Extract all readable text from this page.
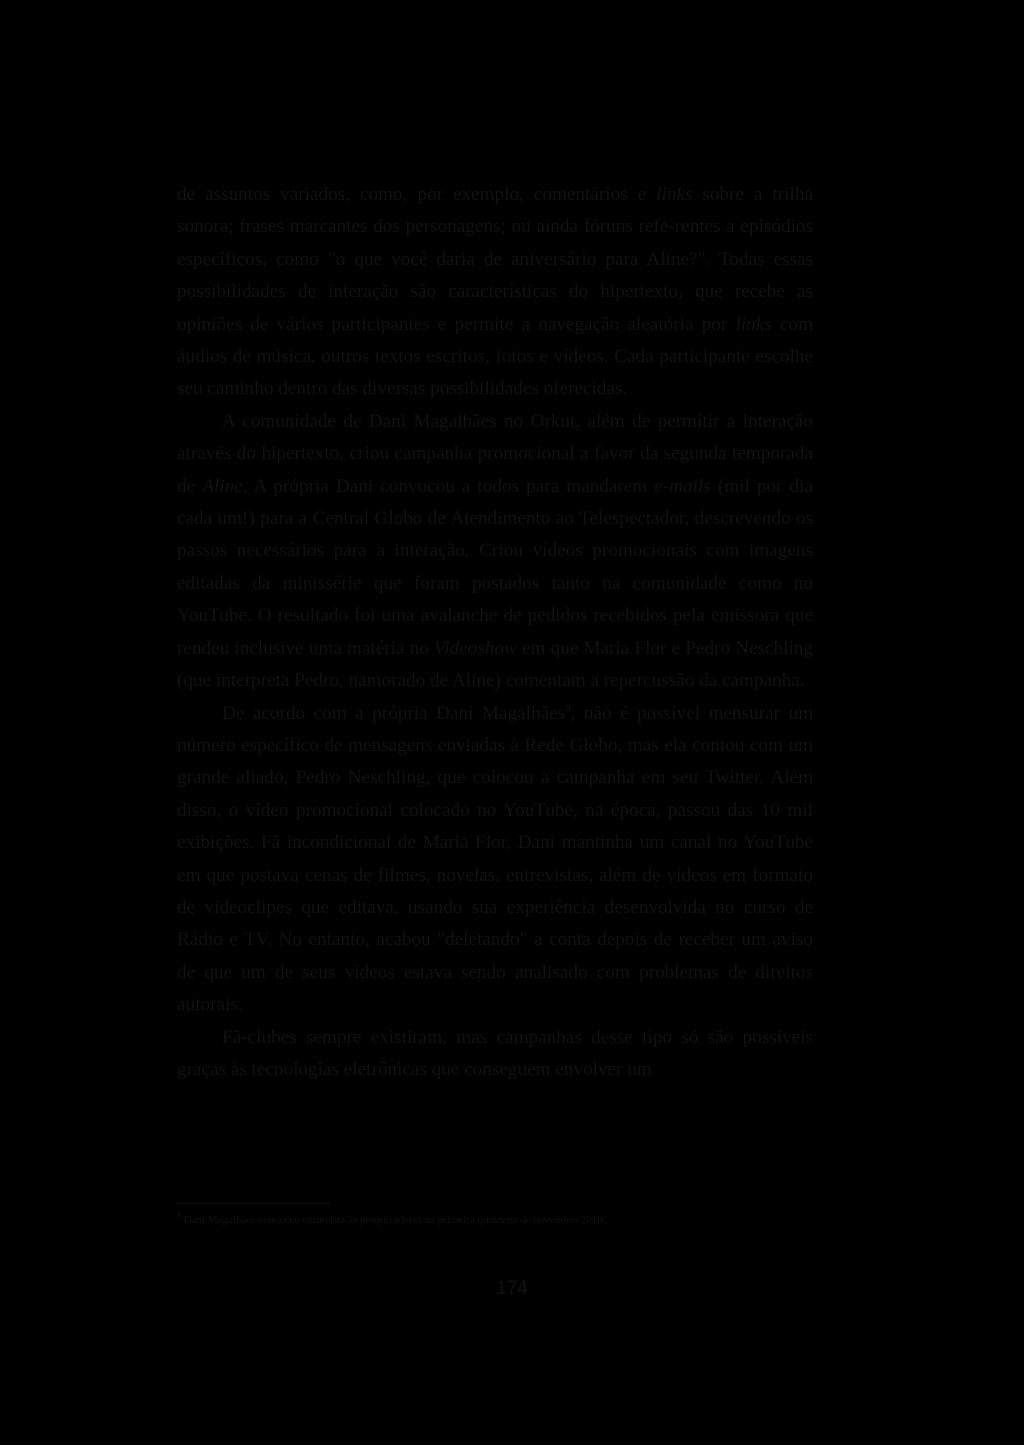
de assuntos variados, como, por exemplo, comentários e links sobre a trilha sonora; frases marcantes dos personagens; ou ainda fóruns refe-rentes a episódios específicos, como "o que você daria de aniversário para Aline?". Todas essas possibilidades de interação são características do hipertexto, que recebe as opiniões de vários participantes e permite a navegação aleatória por links com áudios de música, outros textos escritos, fotos e vídeos. Cada participante escolhe seu caminho dentro das diversas possibilidades oferecidas.

A comunidade de Dani Magalhães no Orkut, além de permitir a interação através do hipertexto, criou campanha promocional a favor da segunda temporada de Aline. A própria Dani convocou a todos para mandarem e-mails (mil por dia cada um!) para a Central Globo de Atendimento ao Telespectador, descrevendo os passos necessários para a interação. Criou vídeos promocionais com imagens editadas da minissérie que foram postados tanto na comunidade como no YouTube. O resultado foi uma avalanche de pedidos recebidos pela emissora que rendeu inclusive uma matéria no Videoshow em que Maria Flor e Pedro Neschling (que interpreta Pedro, namorado de Aline) comentam a repercussão da campanha.

De acordo com a própria Dani Magalhães$^8$, não é possível mensurar um número específico de mensagens enviadas à Rede Globo, mas ela contou com um grande aliado, Pedro Neschling, que colocou a campanha em seu Twitter. Além disso, o vídeo promocional colocado no YouTube, na época, passou das 10 mil exibições. Fã incondicional de Maria Flor, Dani mantinha um canal no YouTube em que postava cenas de filmes, novelas, entrevistas, além de vídeos em formato de videoclipes que editava, usando sua experiência desenvolvida no curso de Rádio e TV. No entanto, acabou "deletando" a conta depois de receber um aviso de que um de seus vídeos estava sendo analisado com problemas de direitos autorais.

Fã-clubes sempre existiram, mas campanhas desse tipo só são possíveis graças às tecnologias eletrônicas que conseguem envolver um

$^8$ Dani Magalhães concedeu entrevista às pesquisadoras na primeira quinzena de novembro/2010.
174
